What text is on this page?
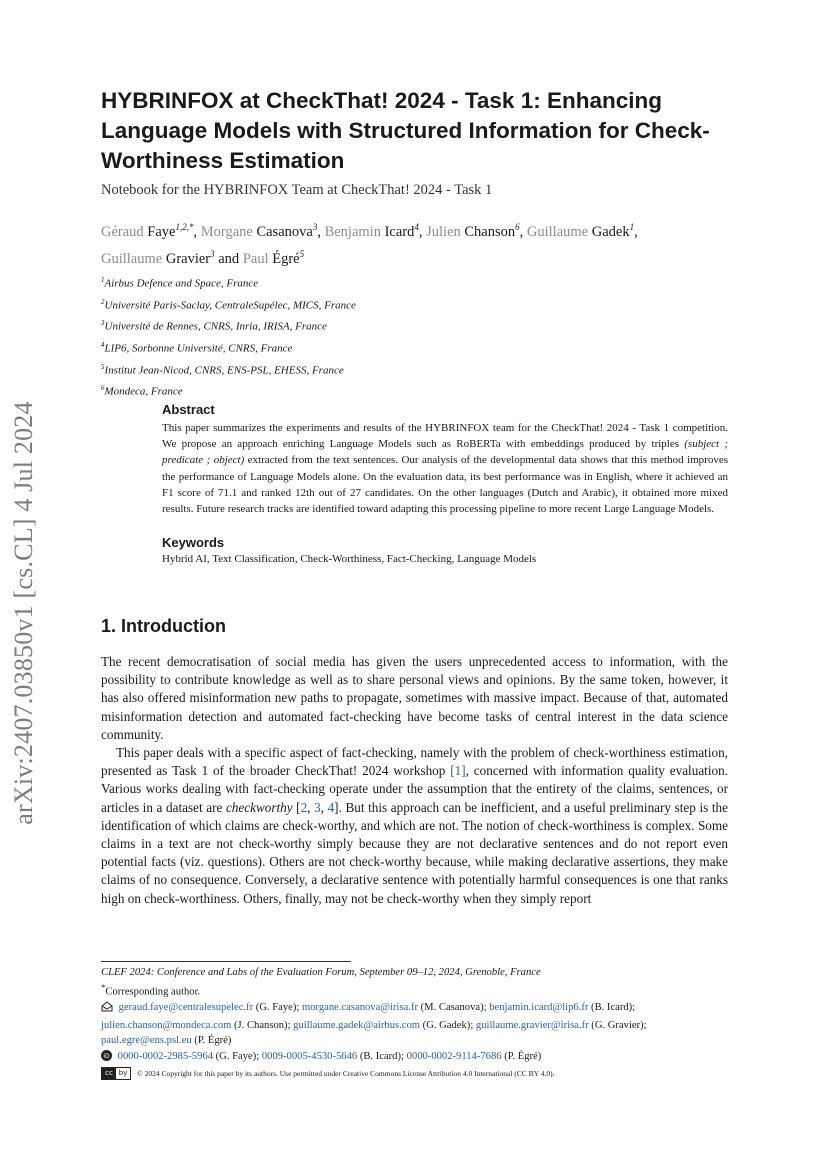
arXiv:2407.03850v1 [cs.CL] 4 Jul 2024
HYBRINFOX at CheckThat! 2024 - Task 1: Enhancing Language Models with Structured Information for Check-Worthiness Estimation
Notebook for the HYBRINFOX Team at CheckThat! 2024 - Task 1
Géraud Faye$^{1,2,*}$, Morgane Casanova$^3$, Benjamin Icard$^4$, Julien Chanson$^6$, Guillaume Gadek$^1$,
Guillaume Gravier$^3$ and Paul Égré$^5$
$^1$Airbus Defence and Space, France
$^2$Université Paris-Saclay, CentraleSupélec, MICS, France
$^3$Université de Rennes, CNRS, Inria, IRISA, France
$^4$LIP6, Sorbonne Université, CNRS, France
$^5$Institut Jean-Nicod, CNRS, ENS-PSL, EHESS, France
$^6$Mondeca, France
Abstract
This paper summarizes the experiments and results of the HYBRINFOX team for the CheckThat! 2024 - Task 1 competition. We propose an approach enriching Language Models such as RoBERTa with embeddings produced by triples (subject ; predicate ; object) extracted from the text sentences. Our analysis of the developmental data shows that this method improves the performance of Language Models alone. On the evaluation data, its best performance was in English, where it achieved an F1 score of 71.1 and ranked 12th out of 27 candidates. On the other languages (Dutch and Arabic), it obtained more mixed results. Future research tracks are identified toward adapting this processing pipeline to more recent Large Language Models.
Keywords
Hybrid AI, Text Classification, Check-Worthiness, Fact-Checking, Language Models
1. Introduction

The recent democratisation of social media has given the users unprecedented access to information, with the possibility to contribute knowledge as well as to share personal views and opinions. By the same token, however, it has also offered misinformation new paths to propagate, sometimes with massive impact. Because of that, automated misinformation detection and automated fact-checking have become tasks of central interest in the data science community.

This paper deals with a specific aspect of fact-checking, namely with the problem of check-worthiness estimation, presented as Task 1 of the broader CheckThat! 2024 workshop [1], concerned with information quality evaluation. Various works dealing with fact-checking operate under the assumption that the entirety of the claims, sentences, or articles in a dataset are checkworthy [2, 3, 4]. But this approach can be inefficient, and a useful preliminary step is the identification of which claims are check-worthy, and which are not. The notion of check-worthiness is complex. Some claims in a text are not check-worthy simply because they are not declarative sentences and do not report even potential facts (viz. questions). Others are not check-worthy because, while making declarative assertions, they make claims of no consequence. Conversely, a declarative sentence with potentially harmful consequences is one that ranks high on check-worthiness. Others, finally, may not be check-worthy when they simply report

CLEF 2024: Conference and Labs of the Evaluation Forum, September 09–12, 2024, Grenoble, France
*Corresponding author.
geraud.faye@centralesupelec.fr (G. Faye); morgane.casanova@irisa.fr (M. Casanova); benjamin.icard@lip6.fr (B. Icard); julien.chanson@mondeca.com (J. Chanson); guillaume.gadek@airbus.com (G. Gadek); guillaume.gravier@irisa.fr (G. Gravier); paul.egre@ens.psl.eu (P. Égré)
iD 0000-0002-2985-5964 (G. Faye); 0009-0005-4530-5646 (B. Icard); 0000-0002-9114-7686 (P. Égré)
cc by	© 2024 Copyright for this paper by its authors. Use permitted under Creative Commons License Attribution 4.0 International (CC BY 4.0).
